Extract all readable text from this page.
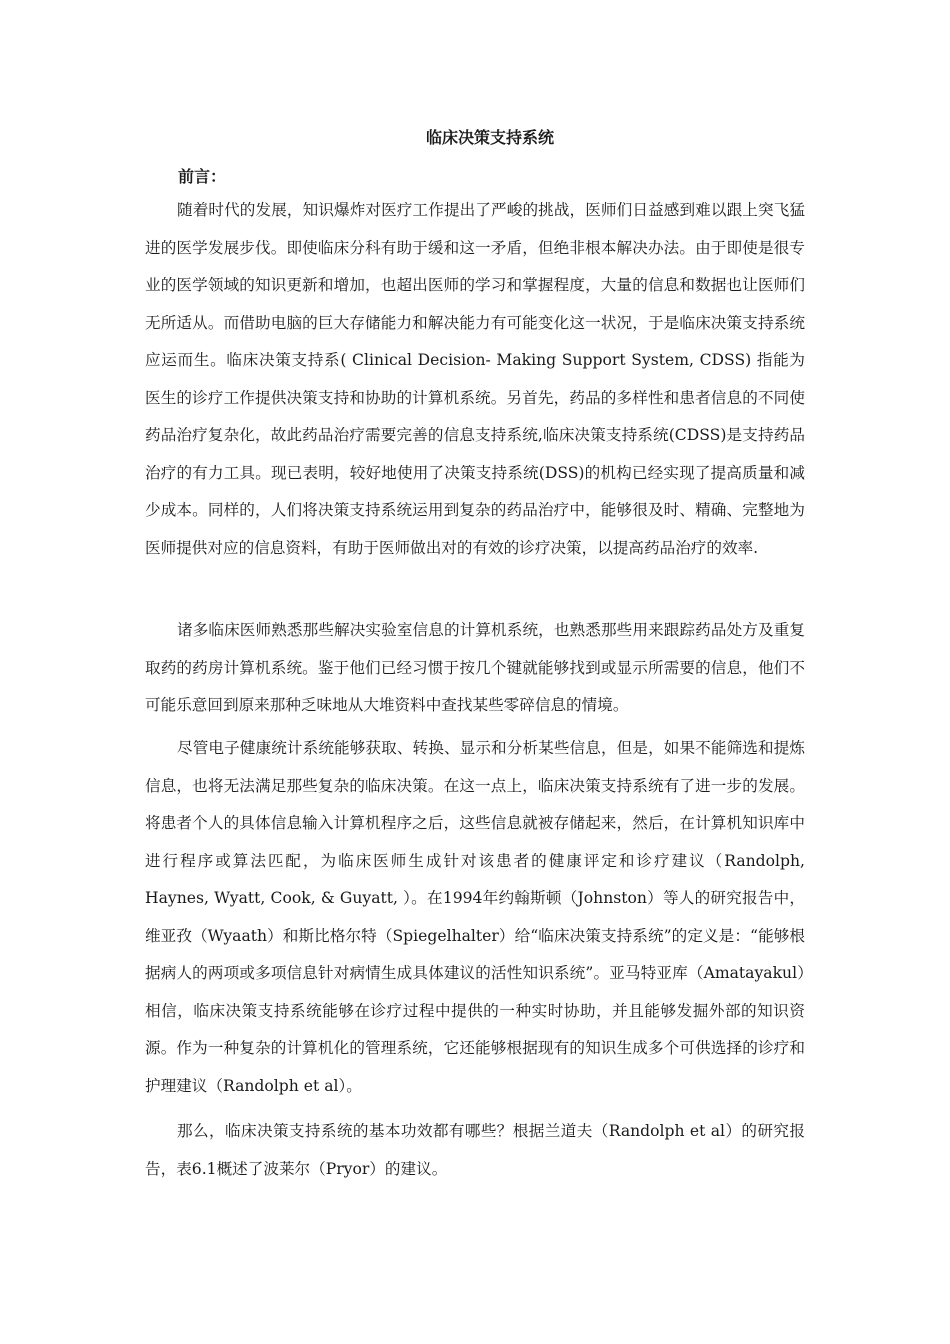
临床决策支持系统
前言：

随着时代的发展，知识爆炸对医疗工作提出了严峻的挑战，医师们日益感到难以跟上突飞猛进的医学发展步伐。即使临床分科有助于缓和这一矛盾，但绝非根本解决办法。由于即使是很专业的医学领域的知识更新和增加，也超出医师的学习和掌握程度，大量的信息和数据也让医师们无所适从。而借助电脑的巨大存储能力和解决能力有可能变化这一状况，于是临床决策支持系统应运而生。临床决策支持系( Clinical Decision- Making Support System, CDSS) 指能为医生的诊疗工作提供决策支持和协助的计算机系统。另首先，药品的多样性和患者信息的不同使药品治疗复杂化，故此药品治疗需要完善的信息支持系统,临床决策支持系统(CDSS)是支持药品治疗的有力工具。现已表明，较好地使用了决策支持系统(DSS)的机构已经实现了提高质量和减少成本。同样的，人们将决策支持系统运用到复杂的药品治疗中，能够很及时、精确、完整地为医师提供对应的信息资料，有助于医师做出对的有效的诊疗决策，以提高药品治疗的效率.

诸多临床医师熟悉那些解决实验室信息的计算机系统，也熟悉那些用来跟踪药品处方及重复取药的药房计算机系统。鉴于他们已经习惯于按几个键就能够找到或显示所需要的信息，他们不可能乐意回到原来那种乏味地从大堆资料中查找某些零碎信息的情境。

尽管电子健康统计系统能够获取、转换、显示和分析某些信息，但是，如果不能筛选和提炼信息，也将无法满足那些复杂的临床决策。在这一点上，临床决策支持系统有了进一步的发展。将患者个人的具体信息输入计算机程序之后，这些信息就被存储起来，然后，在计算机知识库中进行程序或算法匹配，为临床医师生成针对该患者的健康评定和诊疗建议（Randolph, Haynes, Wyatt, Cook, & Guyatt, ）。在1994年约翰斯顿（Johnston）等人的研究报告中，维亚孜（Wyaath）和斯比格尔特（Spiegelhalter）给“临床决策支持系统”的定义是：“能够根据病人的两项或多项信息针对病情生成具体建议的活性知识系统”。亚马特亚库（Amatayakul）相信，临床决策支持系统能够在诊疗过程中提供的一种实时协助，并且能够发掘外部的知识资源。作为一种复杂的计算机化的管理系统，它还能够根据现有的知识生成多个可供选择的诊疗和护理建议（Randolph et al）。

那么，临床决策支持系统的基本功效都有哪些？根据兰道夫（Randolph et al）的研究报告，表6.1概述了波莱尔（Pryor）的建议。
